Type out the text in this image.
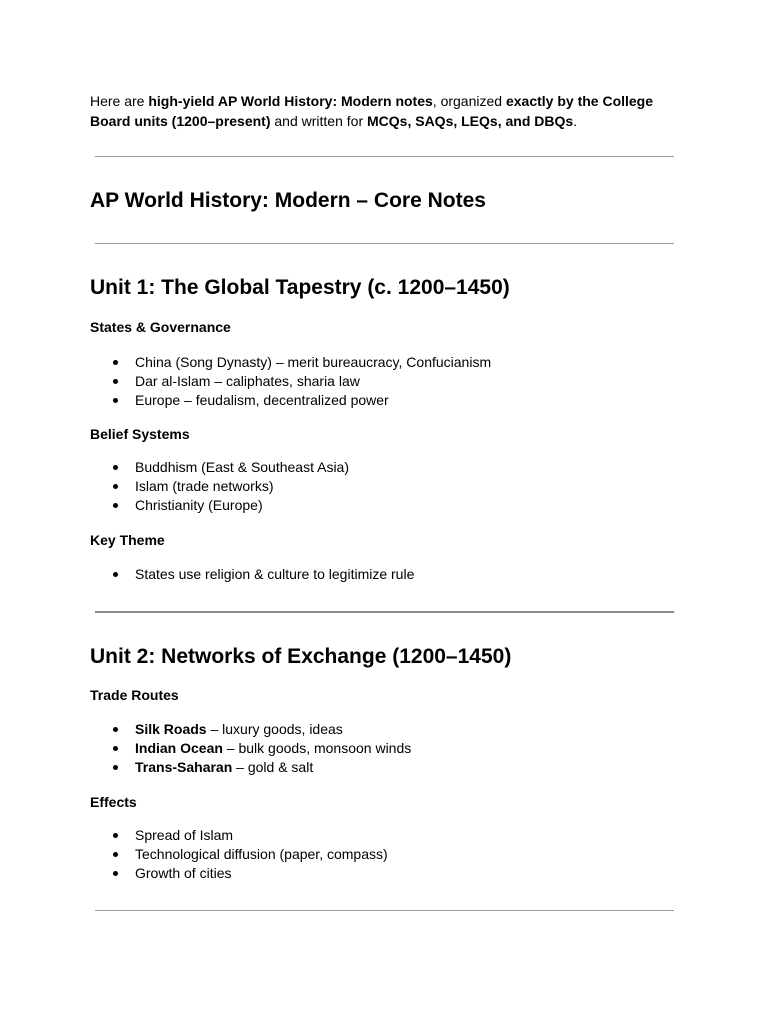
Here are high-yield AP World History: Modern notes, organized exactly by the College Board units (1200–present) and written for MCQs, SAQs, LEQs, and DBQs.

AP World History: Modern – Core Notes
Unit 1: The Global Tapestry (c. 1200–1450)
States & Governance
China (Song Dynasty) – merit bureaucracy, Confucianism
Dar al-Islam – caliphates, sharia law
Europe – feudalism, decentralized power
Belief Systems
Buddhism (East & Southeast Asia)
Islam (trade networks)
Christianity (Europe)
Key Theme
States use religion & culture to legitimize rule
Unit 2: Networks of Exchange (1200–1450)
Trade Routes
Silk Roads – luxury goods, ideas
Indian Ocean – bulk goods, monsoon winds
Trans-Saharan – gold & salt
Effects
Spread of Islam
Technological diffusion (paper, compass)
Growth of cities
